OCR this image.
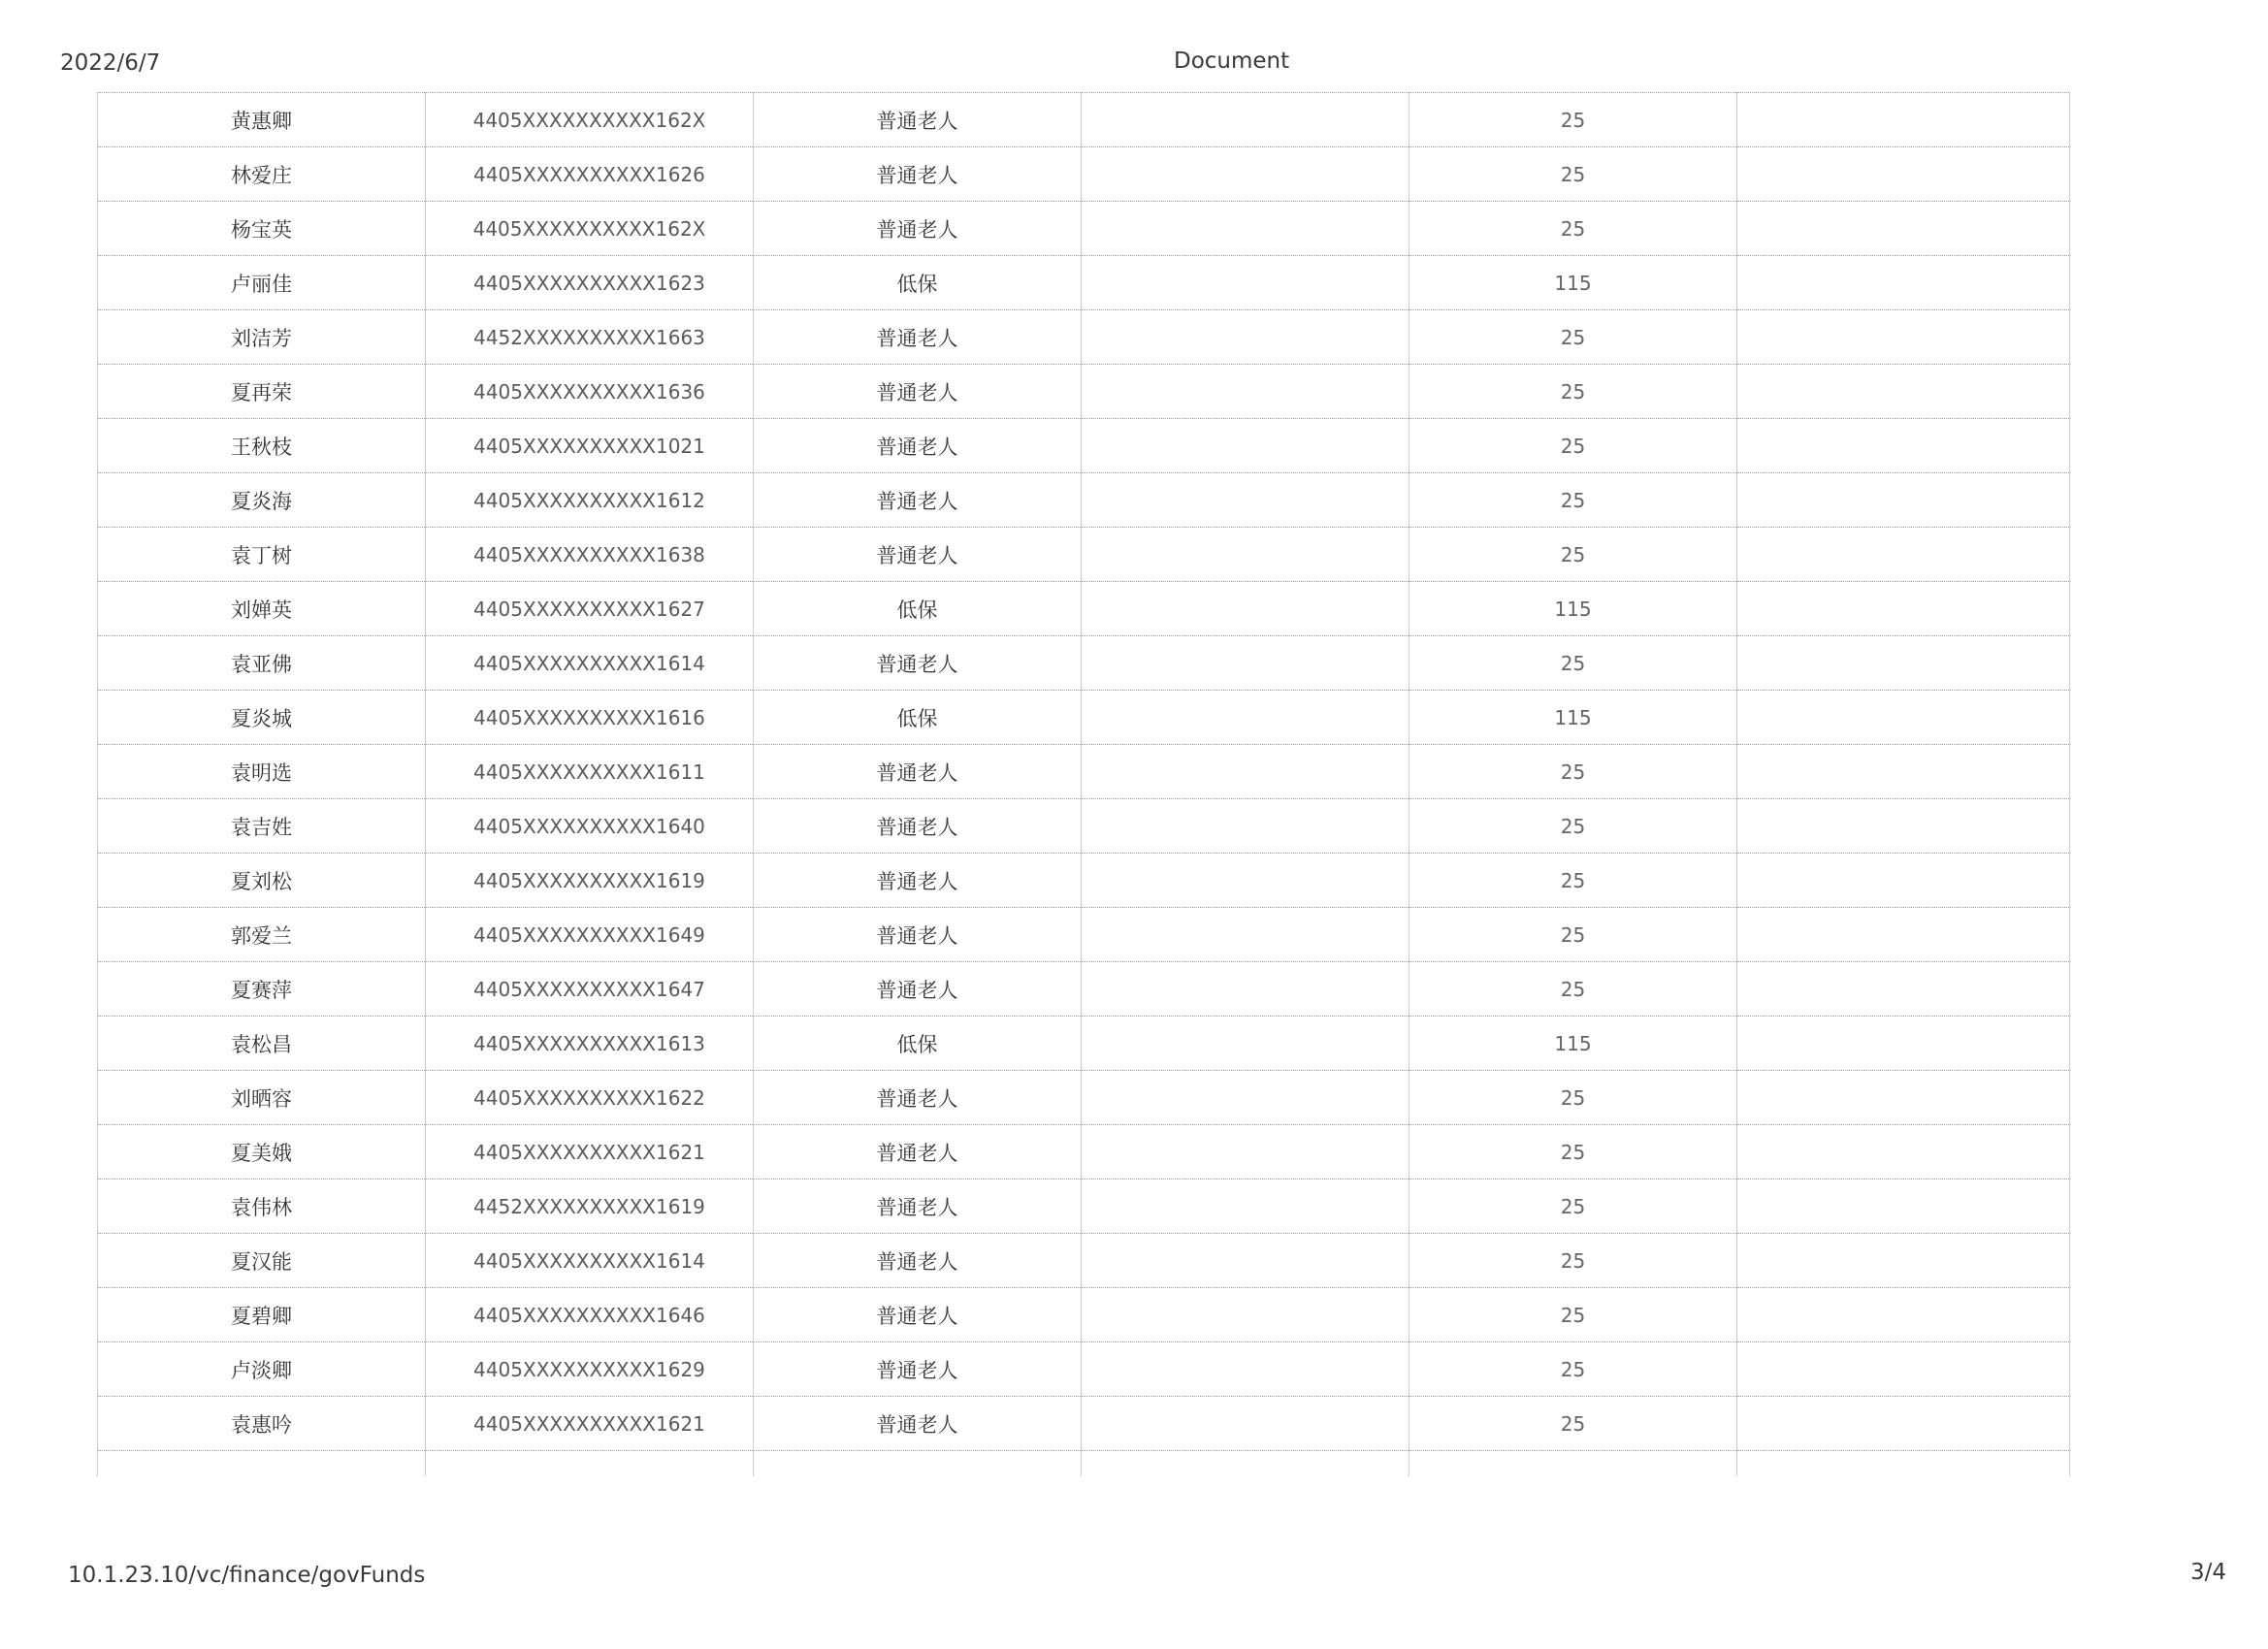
2022/6/7	Document
黄惠卿	4405XXXXXXXXXX162X	普通老人		25	
林爱庄	4405XXXXXXXXXX1626	普通老人		25	
杨宝英	4405XXXXXXXXXX162X	普通老人		25	
卢丽佳	4405XXXXXXXXXX1623	低保		115	
刘洁芳	4452XXXXXXXXXX1663	普通老人		25	
夏再荣	4405XXXXXXXXXX1636	普通老人		25	
王秋枝	4405XXXXXXXXXX1021	普通老人		25	
夏炎海	4405XXXXXXXXXX1612	普通老人		25	
袁丁树	4405XXXXXXXXXX1638	普通老人		25	
刘婵英	4405XXXXXXXXXX1627	低保		115	
袁亚佛	4405XXXXXXXXXX1614	普通老人		25	
夏炎城	4405XXXXXXXXXX1616	低保		115	
袁明选	4405XXXXXXXXXX1611	普通老人		25	
袁吉姓	4405XXXXXXXXXX1640	普通老人		25	
夏刘松	4405XXXXXXXXXX1619	普通老人		25	
郭爱兰	4405XXXXXXXXXX1649	普通老人		25	
夏赛萍	4405XXXXXXXXXX1647	普通老人		25	
袁松昌	4405XXXXXXXXXX1613	低保		115	
刘晒容	4405XXXXXXXXXX1622	普通老人		25	
夏美娥	4405XXXXXXXXXX1621	普通老人		25	
袁伟林	4452XXXXXXXXXX1619	普通老人		25	
夏汉能	4405XXXXXXXXXX1614	普通老人		25	
夏碧卿	4405XXXXXXXXXX1646	普通老人		25	
卢淡卿	4405XXXXXXXXXX1629	普通老人		25	
袁惠吟	4405XXXXXXXXXX1621	普通老人		25	

10.1.23.10/vc/finance/govFunds	3/4
